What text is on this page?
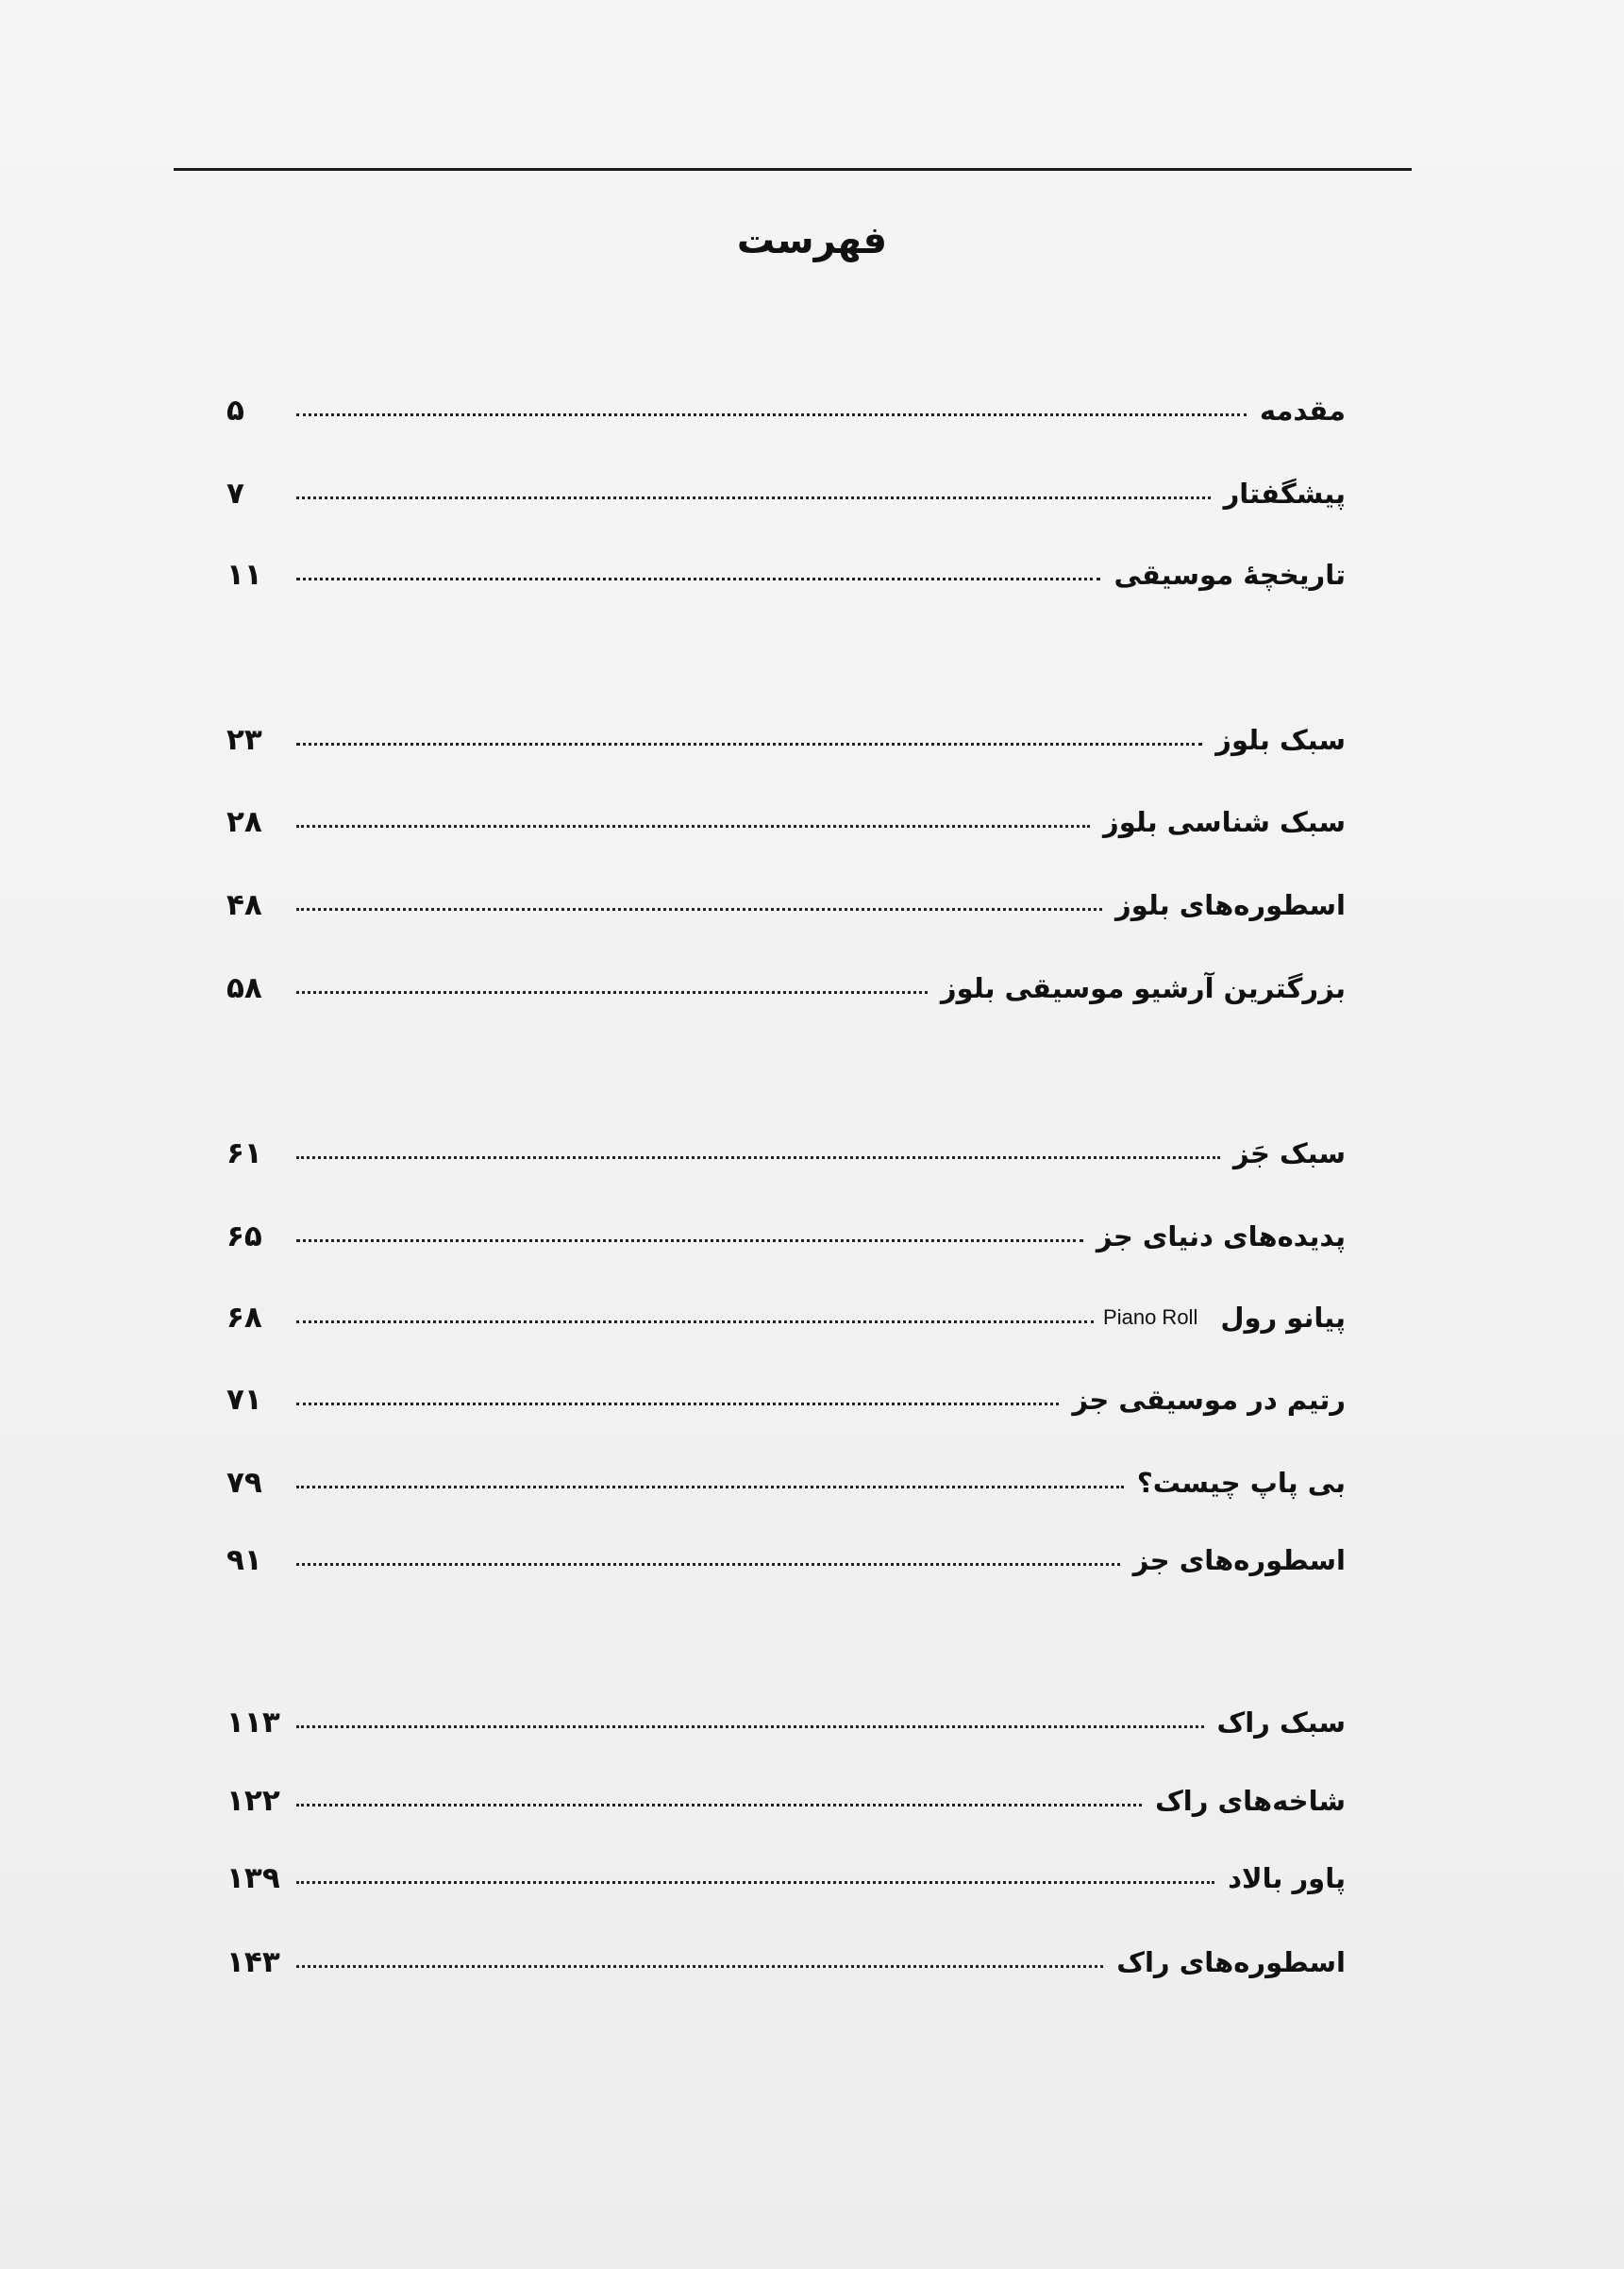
فهرست
مقدمه
۵
پیشگفتار
۷
تاریخچهٔ موسیقی
۱۱
سبک بلوز
۲۳
سبک شناسی بلوز
۲۸
اسطوره‌های بلوز
۴۸
بزرگترین آرشیو موسیقی بلوز
۵۸
سبک جَز
۶۱
پدیده‌های دنیای جز
۶۵
پیانو رول
Piano Roll
۶۸
رتیم در موسیقی جز
۷۱
بی پاپ چیست؟
۷۹
اسطوره‌های جز
۹۱
سبک راک
۱۱۳
شاخه‌های راک
۱۲۲
پاور بالاد
۱۳۹
اسطوره‌های راک
۱۴۳
